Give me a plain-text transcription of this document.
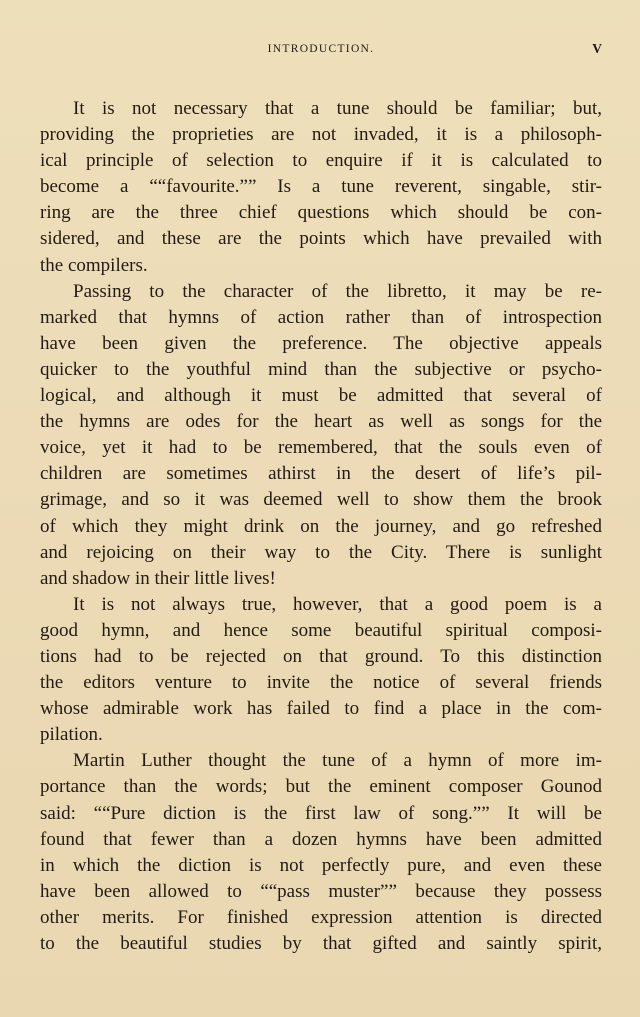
INTRODUCTION.	V

It is not necessary that a tune should be familiar; but,
providing the proprieties are not invaded, it is a philosoph-
ical principle of selection to enquire if it is calculated to
become a ““favourite.”” Is a tune reverent, singable, stir-
ring are the three chief questions which should be con-
sidered, and these are the points which have prevailed with
the compilers.

Passing to the character of the libretto, it may be re-
marked that hymns of action rather than of introspection
have been given the preference. The objective appeals
quicker to the youthful mind than the subjective or psycho-
logical, and although it must be admitted that several of
the hymns are odes for the heart as well as songs for the
voice, yet it had to be remembered, that the souls even of
children are sometimes athirst in the desert of life’s pil-
grimage, and so it was deemed well to show them the brook
of which they might drink on the journey, and go refreshed
and rejoicing on their way to the City. There is sunlight
and shadow in their little lives!

It is not always true, however, that a good poem is a
good hymn, and hence some beautiful spiritual composi-
tions had to be rejected on that ground. To this distinction
the editors venture to invite the notice of several friends
whose admirable work has failed to find a place in the com-
pilation.

Martin Luther thought the tune of a hymn of more im-
portance than the words; but the eminent composer Gounod
said: ““Pure diction is the first law of song.”” It will be
found that fewer than a dozen hymns have been admitted
in which the diction is not perfectly pure, and even these
have been allowed to ““pass muster”” because they possess
other merits. For finished expression attention is directed
to the beautiful studies by that gifted and saintly spirit,
